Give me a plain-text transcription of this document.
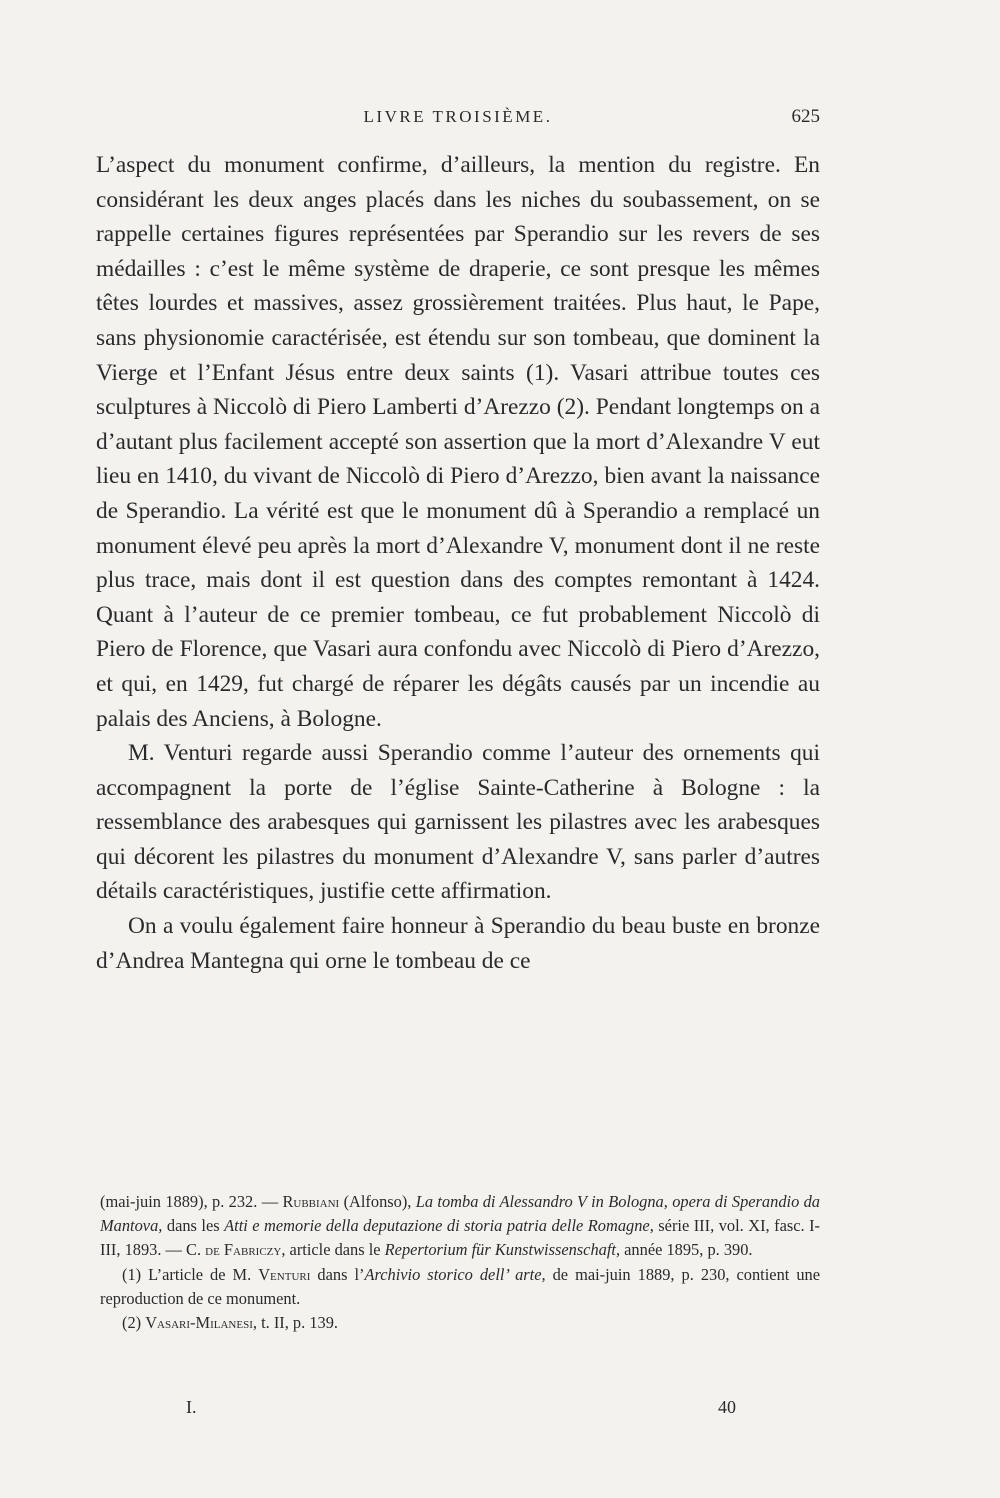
LIVRE TROISIÈME.	625

L’aspect du monument confirme, d’ailleurs, la mention du registre. En considérant les deux anges placés dans les niches du soubassement, on se rappelle certaines figures représentées par Sperandio sur les revers de ses médailles : c’est le même système de draperie, ce sont presque les mêmes têtes lourdes et massives, assez grossièrement traitées. Plus haut, le Pape, sans physionomie caractérisée, est étendu sur son tombeau, que dominent la Vierge et l’Enfant Jésus entre deux saints (1). Vasari attribue toutes ces sculptures à Niccolò di Piero Lamberti d’Arezzo (2). Pendant longtemps on a d’autant plus facilement accepté son assertion que la mort d’Alexandre V eut lieu en 1410, du vivant de Niccolò di Piero d’Arezzo, bien avant la naissance de Sperandio. La vérité est que le monument dû à Sperandio a remplacé un monument élevé peu après la mort d’Alexandre V, monument dont il ne reste plus trace, mais dont il est question dans des comptes remontant à 1424. Quant à l’auteur de ce premier tombeau, ce fut probablement Niccolò di Piero de Florence, que Vasari aura confondu avec Niccolò di Piero d’Arezzo, et qui, en 1429, fut chargé de réparer les dégâts causés par un incendie au palais des Anciens, à Bologne.

M. Venturi regarde aussi Sperandio comme l’auteur des ornements qui accompagnent la porte de l’église Sainte-Catherine à Bologne : la ressemblance des arabesques qui garnissent les pilastres avec les arabesques qui décorent les pilastres du monument d’Alexandre V, sans parler d’autres détails caractéristiques, justifie cette affirmation.

On a voulu également faire honneur à Sperandio du beau buste en bronze d’Andrea Mantegna qui orne le tombeau de ce

(mai-juin 1889), p. 232. — Rubbiani (Alfonso), La tomba di Alessandro V in Bologna, opera di Sperandio da Mantova, dans les Atti e memorie della deputazione di storia patria delle Romagne, série III, vol. XI, fasc. I-III, 1893. — C. de Fabriczy, article dans le Repertorium für Kunstwissenschaft, année 1895, p. 390.

(1) L’article de M. Venturi dans l’Archivio storico dell’ arte, de mai-juin 1889, p. 230, contient une reproduction de ce monument.

(2) Vasari-Milanesi, t. II, p. 139.

I.	40
